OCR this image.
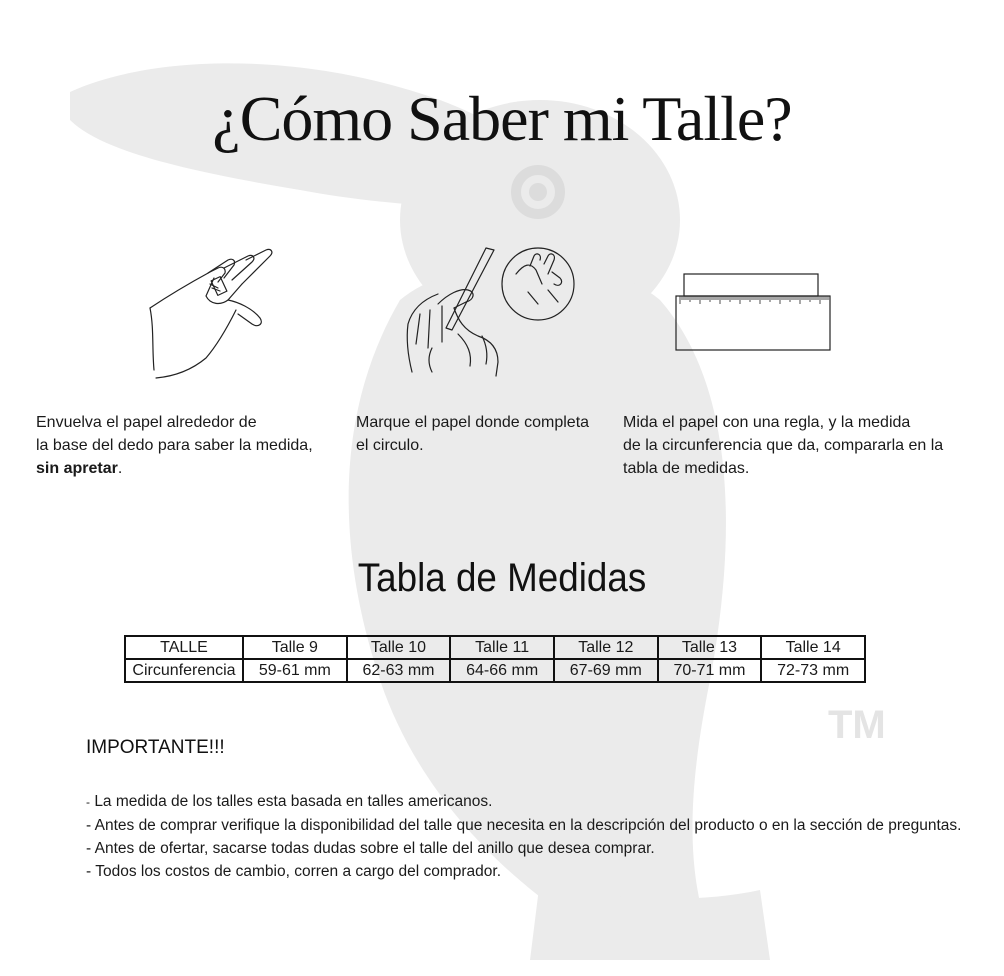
TM
¿Cómo Saber mi Talle?
Envuelva el papel alrededor de
la base del dedo para saber la medida,
sin apretar.
Marque el papel donde completa
el circulo.
Mida el papel con una regla, y la medida
de la circunferencia que da, compararla en la
tabla de medidas.
Tabla de Medidas
TALLE	Talle 9	Talle 10	Talle 11	Talle 12	Talle 13	Talle 14
Circunferencia	59-61 mm	62-63 mm	64-66 mm	67-69 mm	70-71 mm	72-73 mm
IMPORTANTE!!!
- La medida de los talles esta basada en talles americanos.
- Antes de comprar verifique la disponibilidad del talle que necesita en la descripción del producto o en la sección de preguntas.
- Antes de ofertar, sacarse todas dudas sobre el talle del anillo que desea comprar.
- Todos los costos de cambio, corren a cargo del comprador.
